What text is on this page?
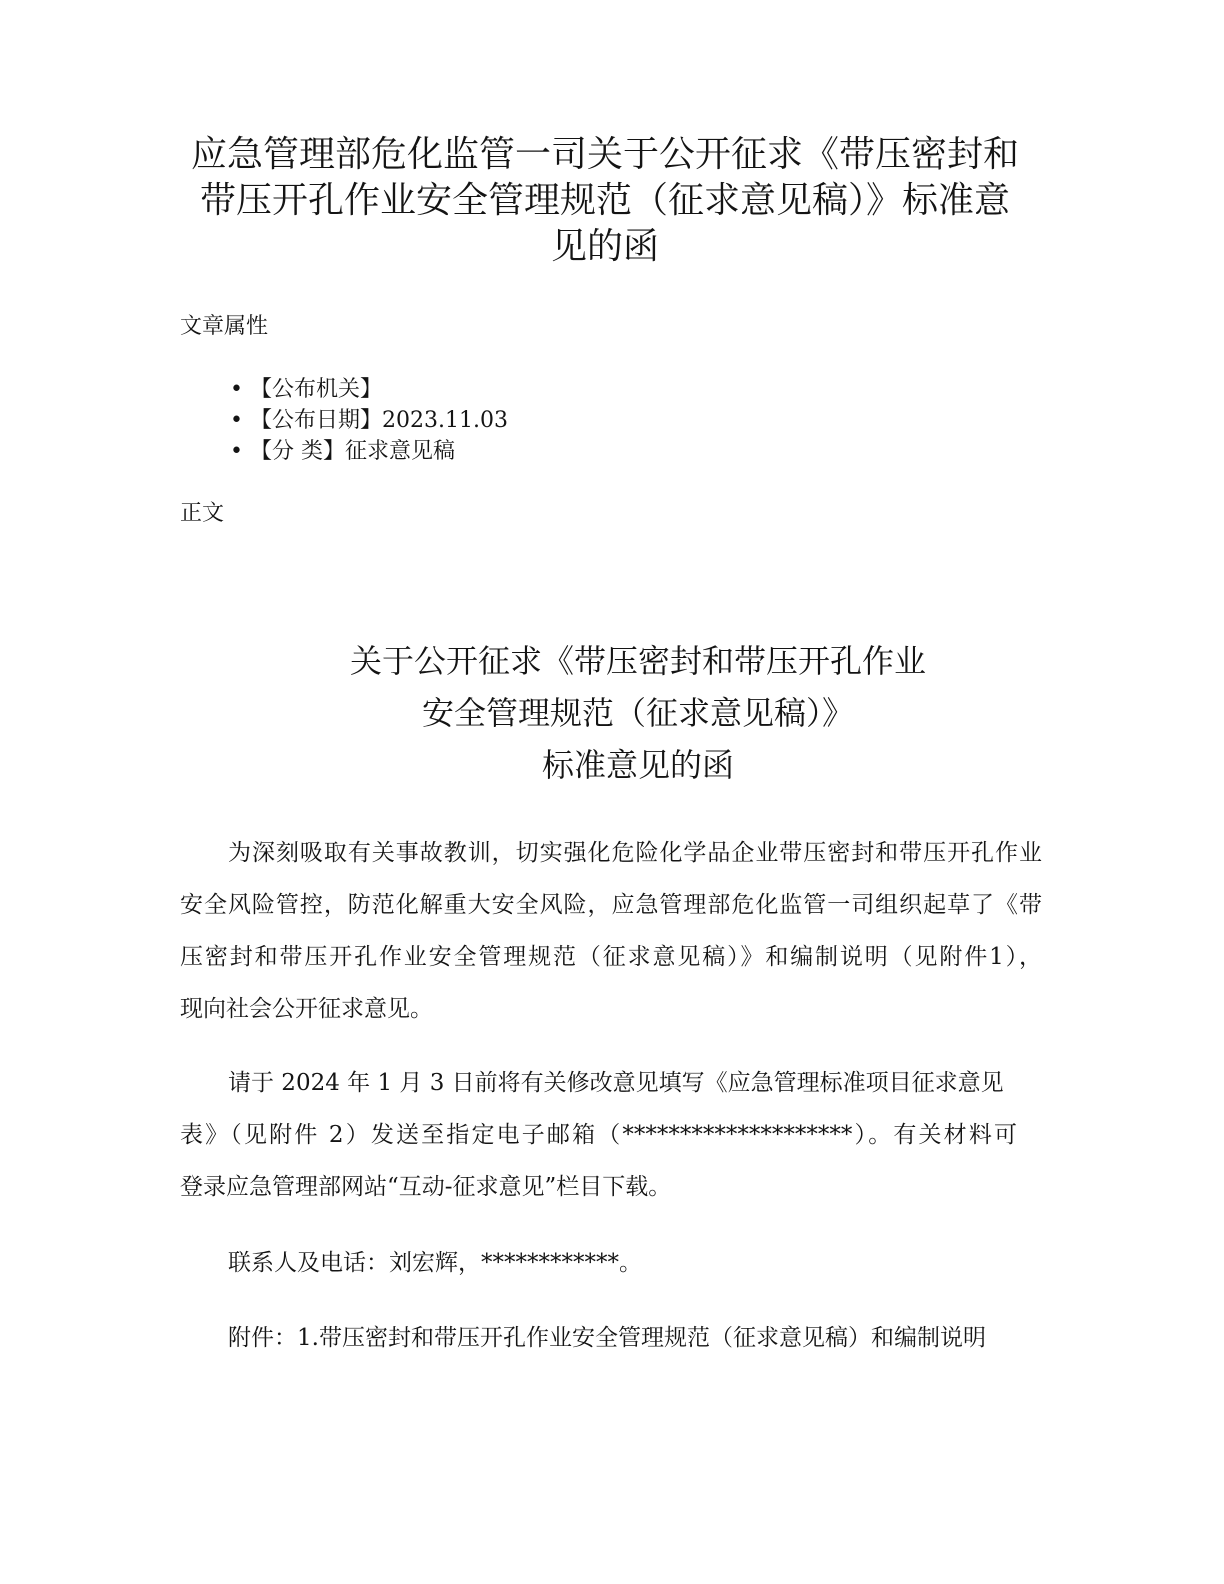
应急管理部危化监管一司关于公开征求《带压密封和
带压开孔作业安全管理规范（征求意见稿）》标准意
见的函
文章属性
•【公布机关】
•【公布日期】2023.11.03
•【分 类】征求意见稿
正文
关于公开征求《带压密封和带压开孔作业
安全管理规范（征求意见稿）》
标准意见的函
为深刻吸取有关事故教训，切实强化危险化学品企业带压密封和带压开孔作业
安全风险管控，防范化解重大安全风险，应急管理部危化监管一司组织起草了《带
压密封和带压开孔作业安全管理规范（征求意见稿）》和编制说明（见附件1），
现向社会公开征求意见。
请于 2024 年 1 月 3 日前将有关修改意见填写《应急管理标准项目征求意见
表》（见附件 2）发送至指定电子邮箱（********************）。有关材料可
登录应急管理部网站“互动-征求意见”栏目下载。
联系人及电话：刘宏辉，************。
附件：1.带压密封和带压开孔作业安全管理规范（征求意见稿）和编制说明
